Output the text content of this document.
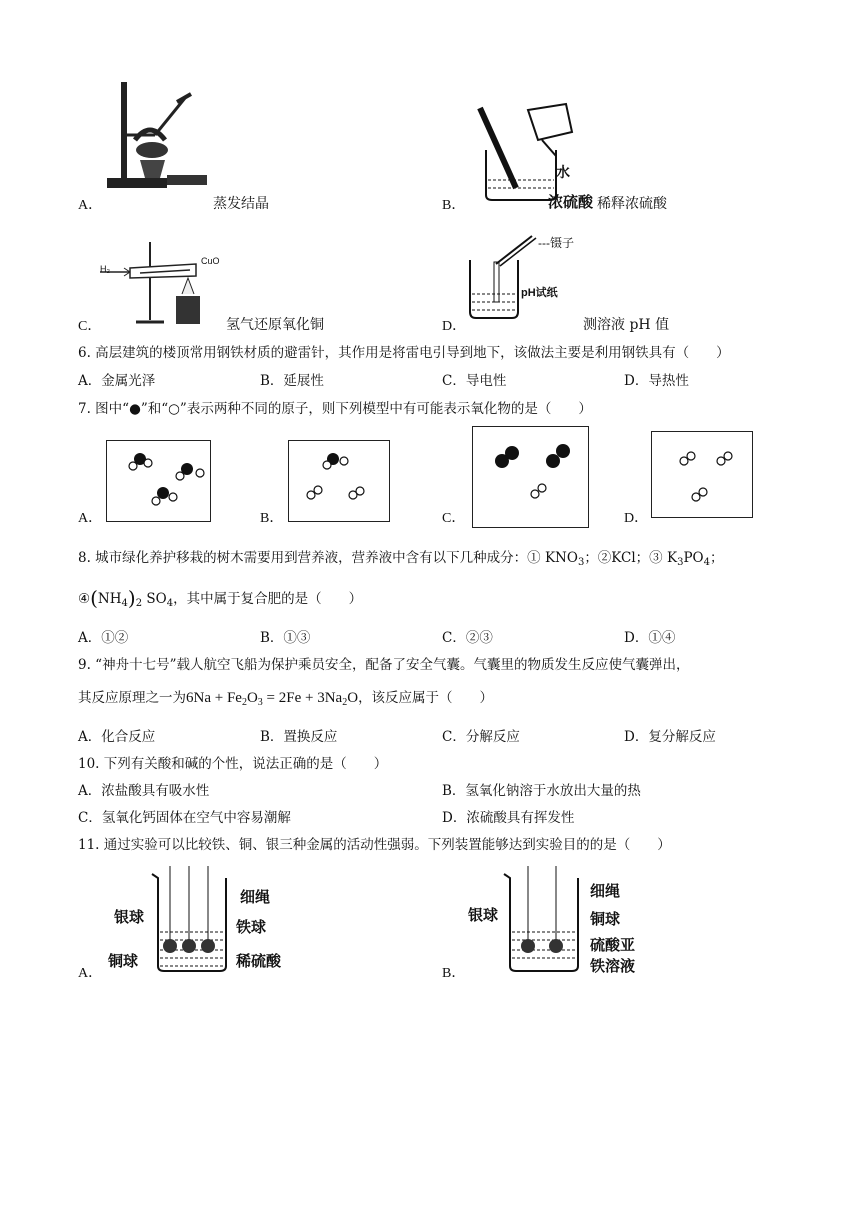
A．	蒸发结晶
水
浓硫酸
B．	稀释浓硫酸
H₂
CuO
C．	氢气还原氧化铜
---镊子
pH试纸
D．	测溶液 pH 值
6. 高层建筑的楼顶常用钢铁材质的避雷针，其作用是将雷电引导到地下，该做法主要是利用钢铁具有（　　）
A．金属光泽	B．延展性	C．导电性	D．导热性
7. 图中“●”和“○”表示两种不同的原子，则下列模型中有可能表示氧化物的是（　　）
A．	B．	C．	D．
8. 城市绿化养护移栽的树木需要用到营养液，营养液中含有以下几种成分：① $KNO_3$；②KCl；③ $K_3PO_4$；
$④(NH_4)_2$ $SO_4$，其中属于复合肥的是（　　）
A．①②	B．①③	C．②③	D．①④
9. “神舟十七号”载人航空飞船为保护乘员安全，配备了安全气囊。气囊里的物质发生反应使气囊弹出，
其反应原理之一为$6Na + Fe_2O_3 = 2Fe + 3Na_2O$，该反应属于（　　）
A．化合反应	B．置换反应	C．分解反应	D．复分解反应
10. 下列有关酸和碱的个性，说法正确的是（　　）
A．浓盐酸具有吸水性	B．氢氧化钠溶于水放出大量的热
C．氢氧化钙固体在空气中容易潮解	D．浓硫酸具有挥发性
11. 通过实验可以比较铁、铜、银三种金属的活动性强弱。下列装置能够达到实验目的的是（　　）
银球
铜球
铁球
细绳
稀硫酸
A．
细绳
银球	铜球
硫酸亚
铁溶液
B．
